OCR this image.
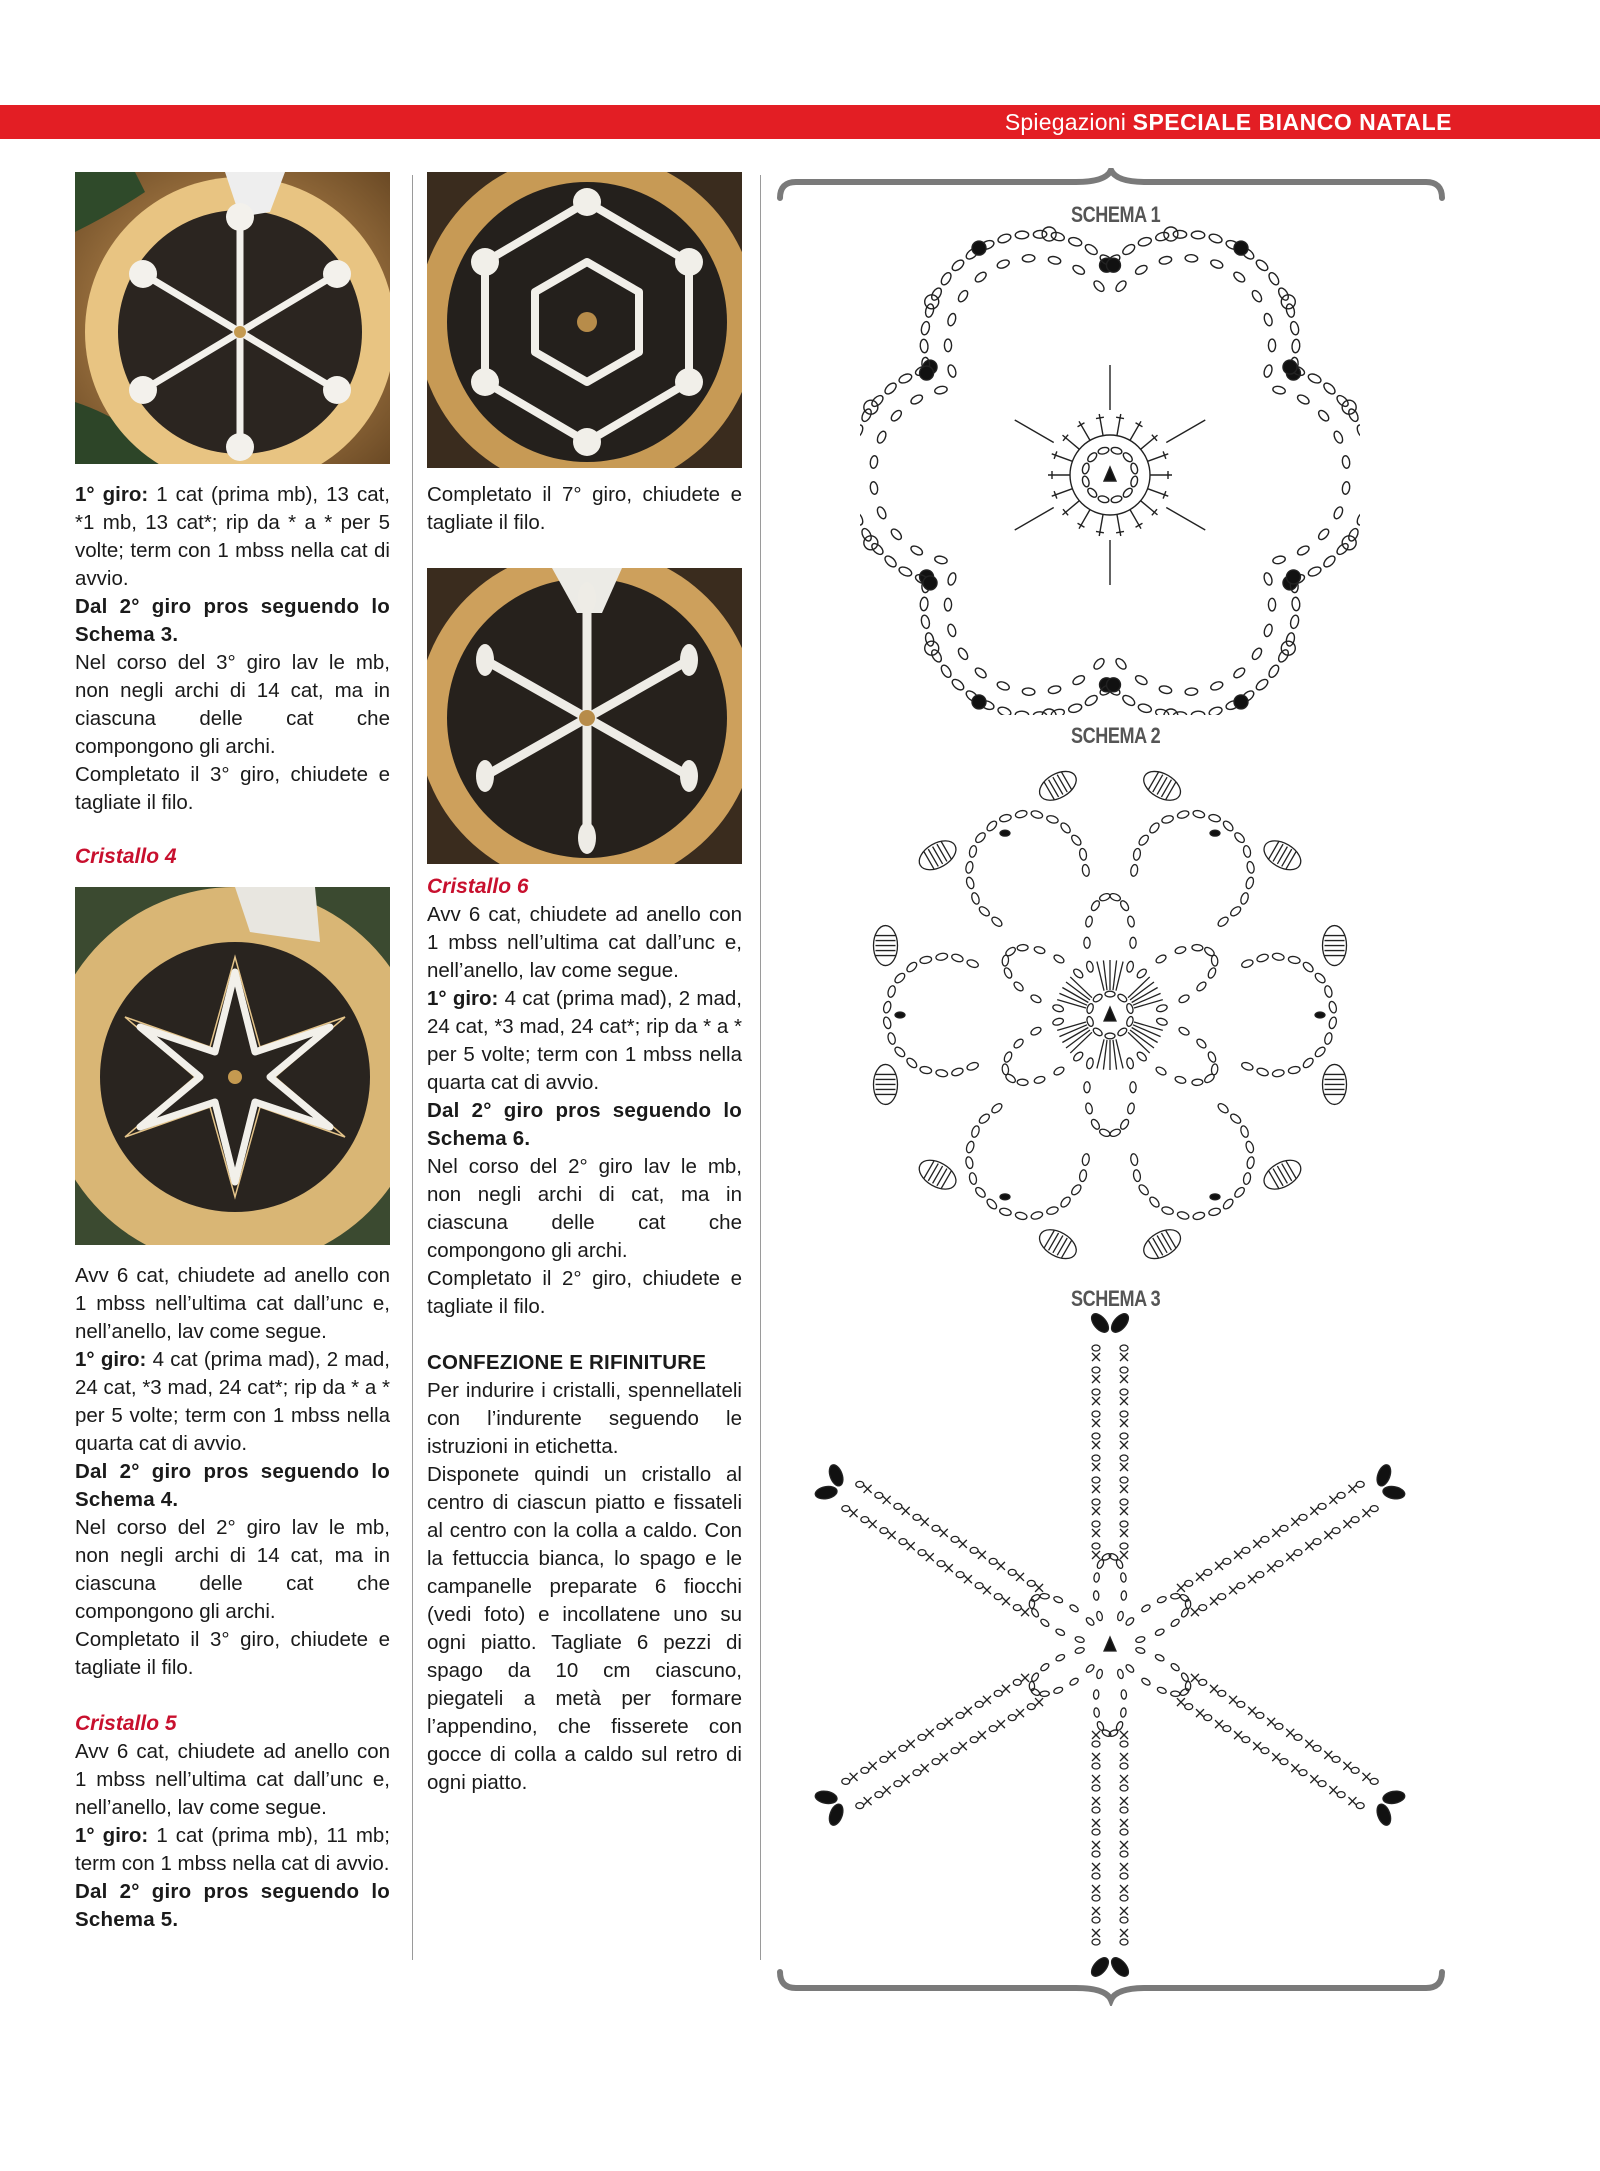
Spiegazioni SPECIALE BIANCO NATALE

1° giro: 1 cat (prima mb), 13 cat, *1 mb, 13 cat*; rip da * a * per 5 volte; term con 1 mbss nella cat di avvio.

Dal 2° giro pros seguendo lo Schema 3.

Nel corso del 3° giro lav le mb, non negli archi di 14 cat, ma in ciascuna delle cat che compongono gli archi.

Completato il 3° giro, chiudete e tagliate il filo.

Cristallo 4

Avv 6 cat, chiudete ad anello con 1 mbss nell’ultima cat dall’unc e, nell’anello, lav come segue.

1° giro: 4 cat (prima mad), 2 mad, 24 cat, *3 mad, 24 cat*; rip da * a * per 5 volte; term con 1 mbss nella quarta cat di avvio.

Dal 2° giro pros seguendo lo Schema 4.

Nel corso del 2° giro lav le mb, non negli archi di 14 cat, ma in ciascuna delle cat che compongono gli archi.

Completato il 3° giro, chiudete e tagliate il filo.

Cristallo 5

Avv 6 cat, chiudete ad anello con 1 mbss nell’ultima cat dall’unc e, nell’anello, lav come segue.

1° giro: 1 cat (prima mb), 11 mb; term con 1 mbss nella cat di avvio.

Dal 2° giro pros seguendo lo Schema 5.

Completato il 7° giro, chiudete e tagliate il filo.

Cristallo 6

Avv 6 cat, chiudete ad anello con 1 mbss nell’ultima cat dall’unc e, nell’anello, lav come segue.

1° giro: 4 cat (prima mad), 2 mad, 24 cat, *3 mad, 24 cat*; rip da * a * per 5 volte; term con 1 mbss nella quarta cat di avvio.

Dal 2° giro pros seguendo lo Schema 6.

Nel corso del 2° giro lav le mb, non negli archi di cat, ma in ciascuna delle cat che compongono gli archi.

Completato il 2° giro, chiudete e tagliate il filo.

CONFEZIONE E RIFINITURE

Per indurire i cristalli, spennellateli con l’indurente seguendo le istruzioni in etichetta.

Disponete quindi un cristallo al centro di ciascun piatto e fissateli al centro con la colla a caldo. Con la fettuccia bianca, lo spago e le campanelle preparate 6 fiocchi (vedi foto) e incollatene uno su ogni piatto. Tagliate 6 pezzi di spago da 10 cm ciascuno, piegateli a metà per formare l’appendino, che fisserete con gocce di colla a caldo sul retro di ogni piatto.

SCHEMA 1
SCHEMA 2
SCHEMA 3
